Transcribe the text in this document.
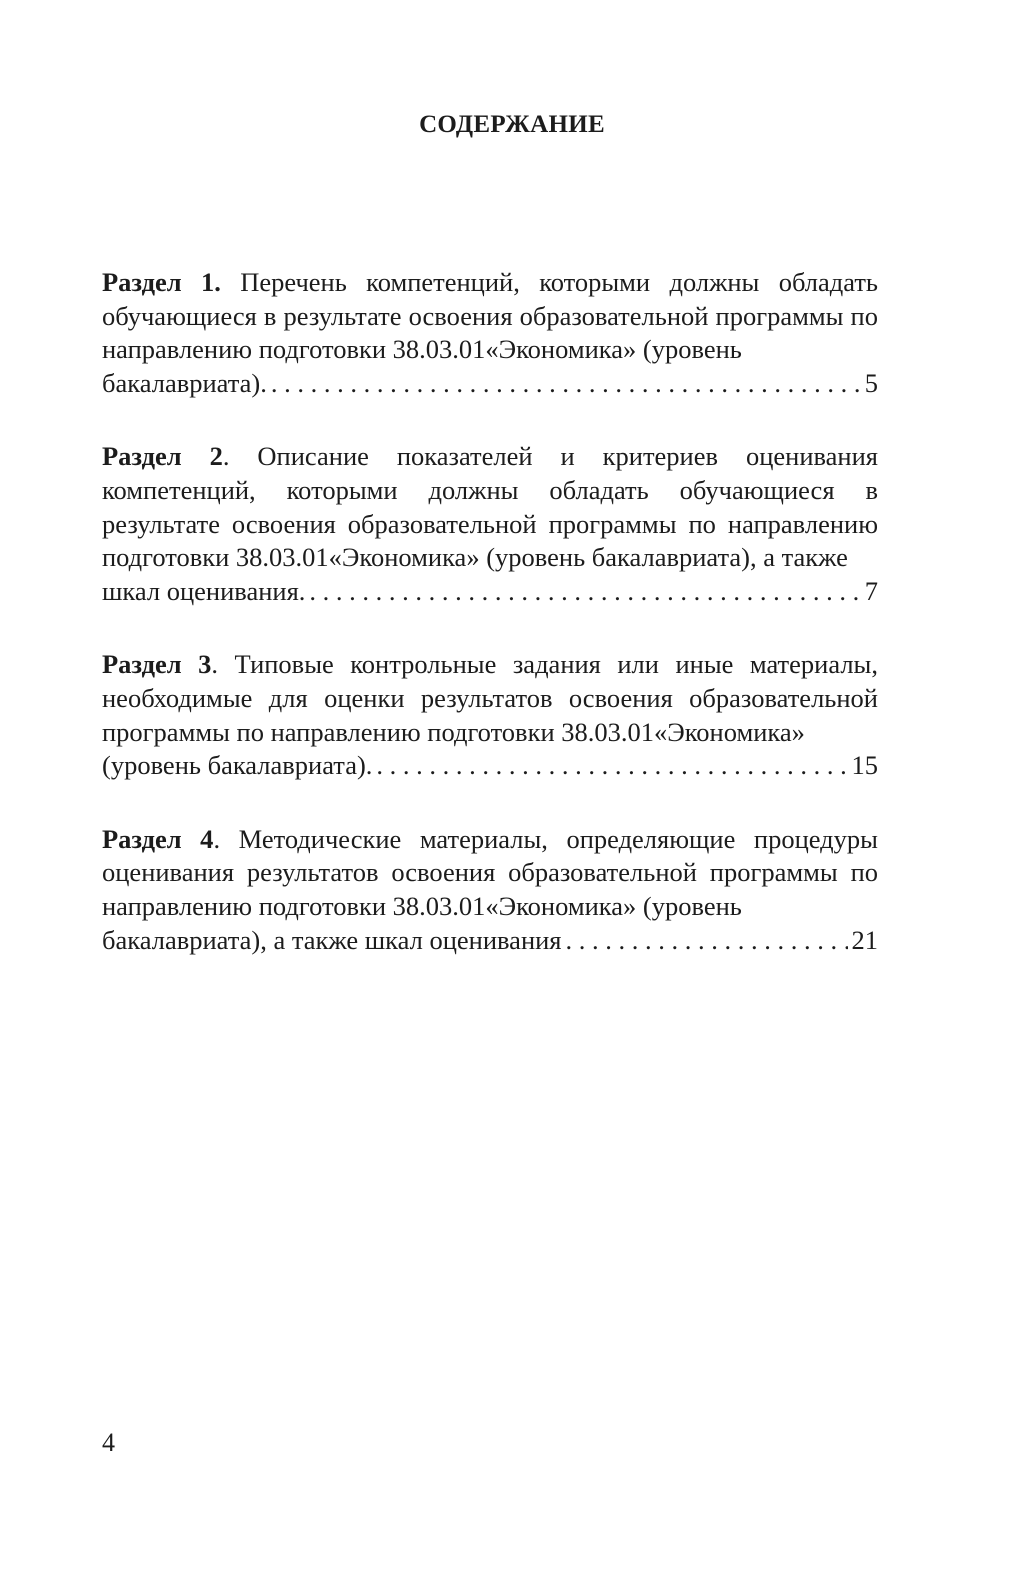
СОДЕРЖАНИЕ
Раздел 1. Перечень компетенций, которыми должны обладать обучающиеся в результате освоения образовательной программы по направлению подготовки 38.03.01«Экономика» (уровень
бакалавриата). . . .	5
Раздел 2. Описание показателей и критериев оценивания компетенций, которыми должны обладать обучающиеся в результате освоения образовательной программы по направлению подготовки 38.03.01«Экономика» (уровень бакалавриата), а также
шкал оценивания. . . .	7
Раздел 3. Типовые контрольные задания или иные материалы, необходимые для оценки результатов освоения образовательной программы по направлению подготовки 38.03.01«Экономика»
(уровень бакалавриата). . . .	15
Раздел 4. Методические материалы, определяющие процедуры оценивания результатов освоения образовательной программы по направлению подготовки 38.03.01«Экономика» (уровень
бакалавриата), а также шкал оценивания . . .	21

4
